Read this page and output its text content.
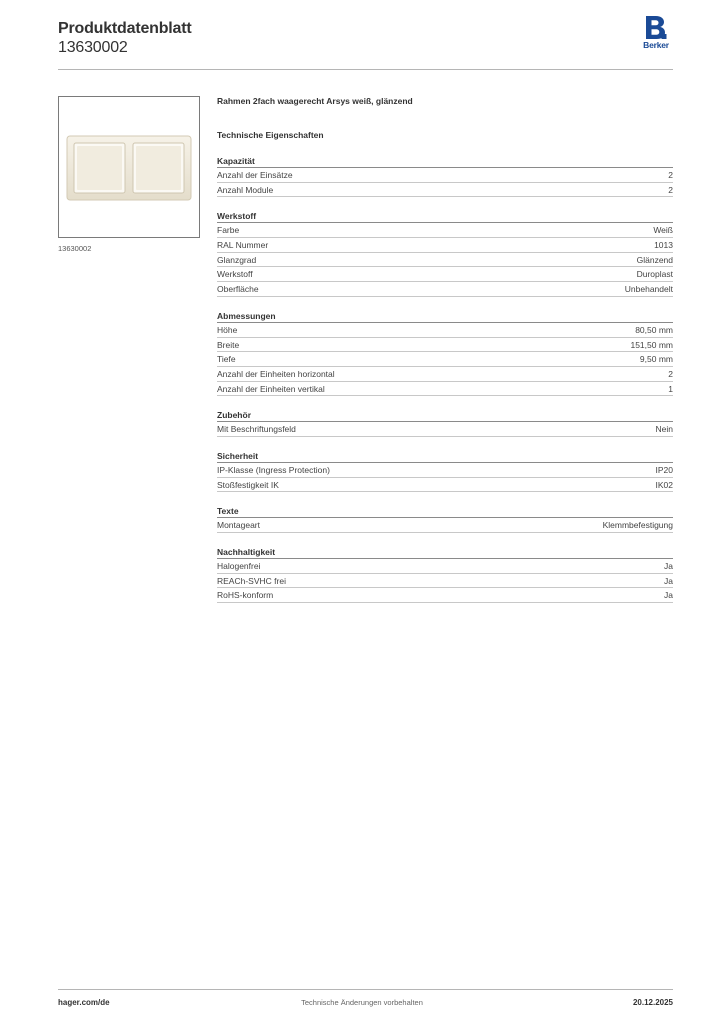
Produktdatenblatt
13630002	Berker
13630002
Rahmen 2fach waagerecht Arsys weiß, glänzend
Technische Eigenschaften
Kapazität
Anzahl der Einsätze	2
Anzahl Module	2
Werkstoff
Farbe	Weiß
RAL Nummer	1013
Glanzgrad	Glänzend
Werkstoff	Duroplast
Oberfläche	Unbehandelt
Abmessungen
Höhe	80,50 mm
Breite	151,50 mm
Tiefe	9,50 mm
Anzahl der Einheiten horizontal	2
Anzahl der Einheiten vertikal	1
Zubehör
Mit Beschriftungsfeld	Nein
Sicherheit
IP-Klasse (Ingress Protection)	IP20
Stoßfestigkeit IK	IK02
Texte
Montageart	Klemmbefestigung
Nachhaltigkeit
Halogenfrei	Ja
REACh-SVHC frei	Ja
RoHS-konform	Ja
hager.com/de	Technische Änderungen vorbehalten	20.12.2025
